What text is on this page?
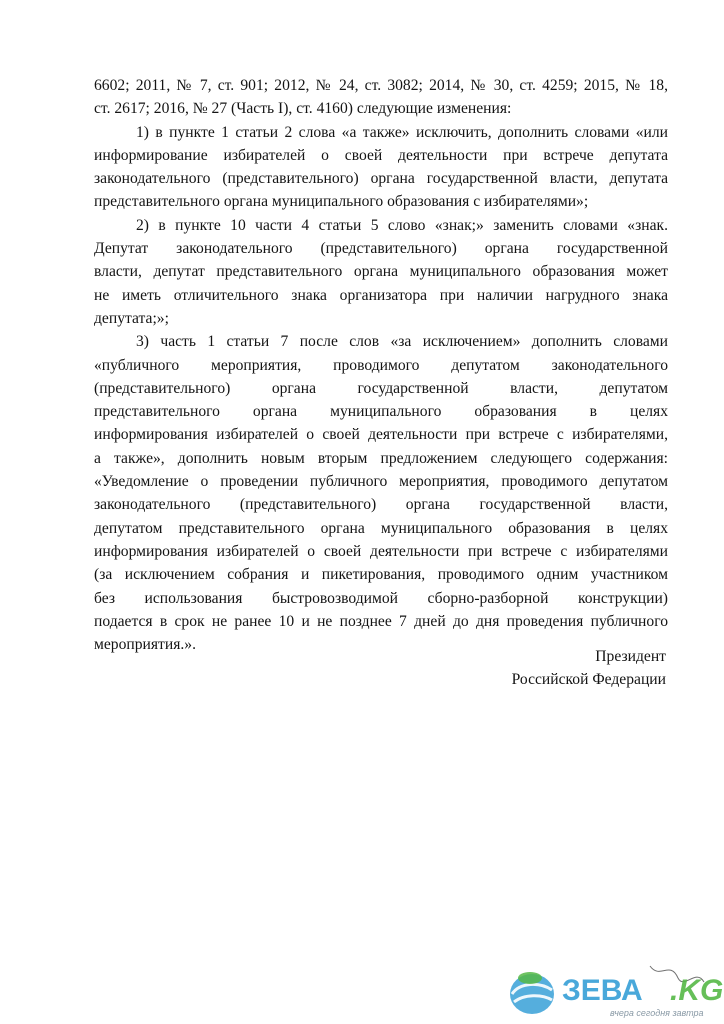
6602; 2011, № 7, ст. 901; 2012, № 24, ст. 3082; 2014, № 30, ст. 4259; 2015, № 18,
ст. 2617; 2016, № 27 (Часть I), ст. 4160) следующие изменения:
1) в пункте 1 статьи 2 слова «а также» исключить, дополнить словами «или
информирование избирателей о своей деятельности при встрече депутата
законодательного (представительного) органа государственной власти, депутата
представительного органа муниципального образования с избирателями»;
2) в пункте 10 части 4 статьи 5 слово «знак;» заменить словами «знак.
Депутат законодательного (представительного) органа государственной
власти, депутат представительного органа муниципального образования может
не иметь отличительного знака организатора при наличии нагрудного знака
депутата;»;
3) часть 1 статьи 7 после слов «за исключением» дополнить словами
«публичного мероприятия, проводимого депутатом законодательного
(представительного) органа государственной власти, депутатом
представительного органа муниципального образования в целях
информирования избирателей о своей деятельности при встрече с избирателями,
а также», дополнить новым вторым предложением следующего содержания:
«Уведомление о проведении публичного мероприятия, проводимого депутатом
законодательного (представительного) органа государственной власти,
депутатом представительного органа муниципального образования в целях
информирования избирателей о своей деятельности при встрече с избирателями
(за исключением собрания и пикетирования, проводимого одним участником
без использования быстровозводимой сборно-разборной конструкции)
подается в срок не ранее 10 и не позднее 7 дней до дня проведения публичного
мероприятия.».
Президент
Российской Федерации
ЗЕВА .KG
вчера сегодня завтра
